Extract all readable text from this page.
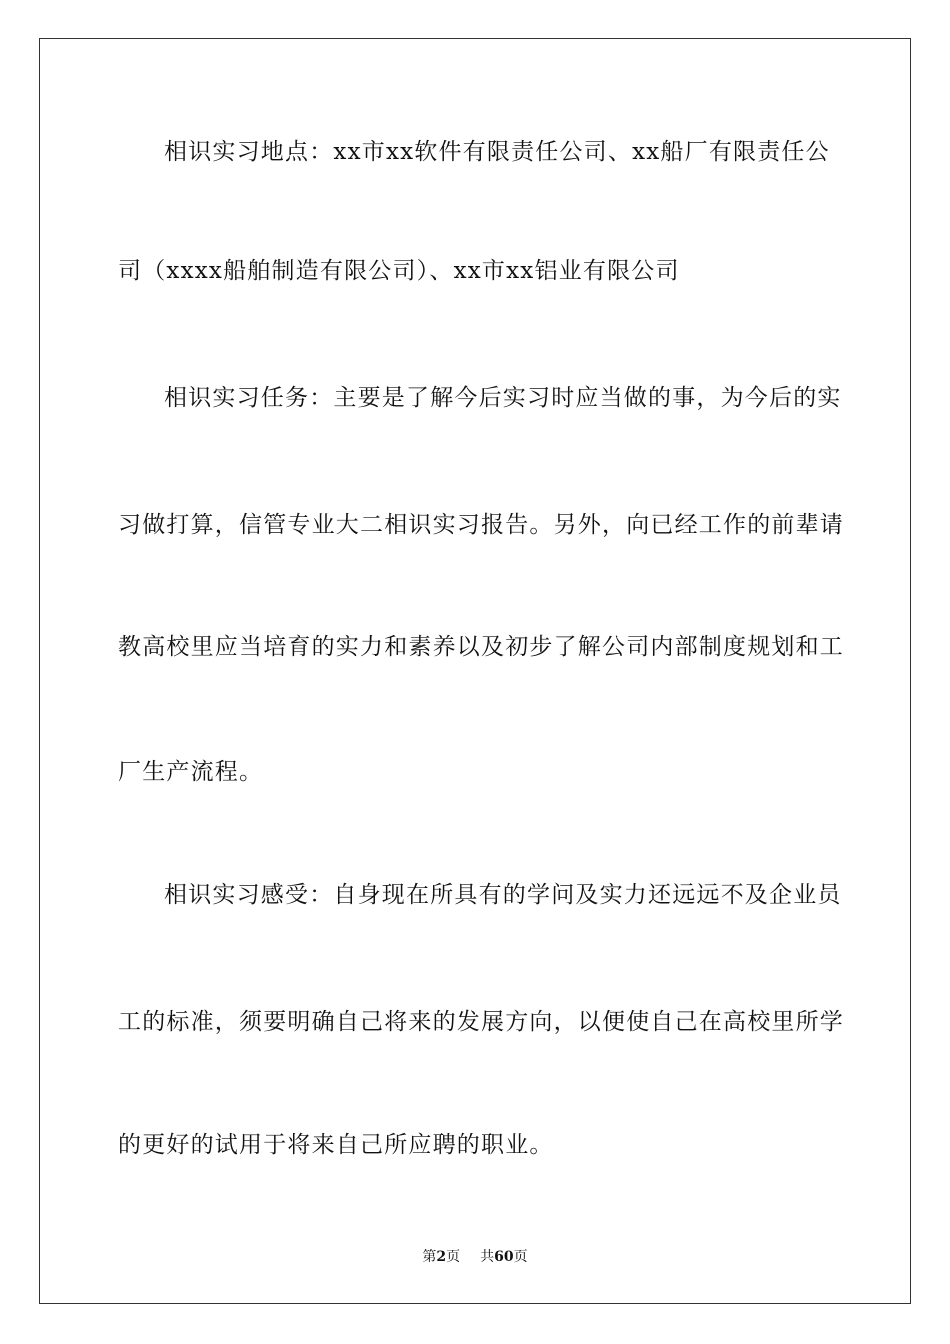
相识实习地点：xx市xx软件有限责任公司、xx船厂有限责任公
司（xxxx船舶制造有限公司）、xx市xx铝业有限公司
相识实习任务：主要是了解今后实习时应当做的事，为今后的实
习做打算，信管专业大二相识实习报告。另外，向已经工作的前辈请
教高校里应当培育的实力和素养以及初步了解公司内部制度规划和工
厂生产流程。
相识实习感受：自身现在所具有的学问及实力还远远不及企业员
工的标准，须要明确自己将来的发展方向，以便使自己在高校里所学
的更好的试用于将来自己所应聘的职业。
第2页 共60页
